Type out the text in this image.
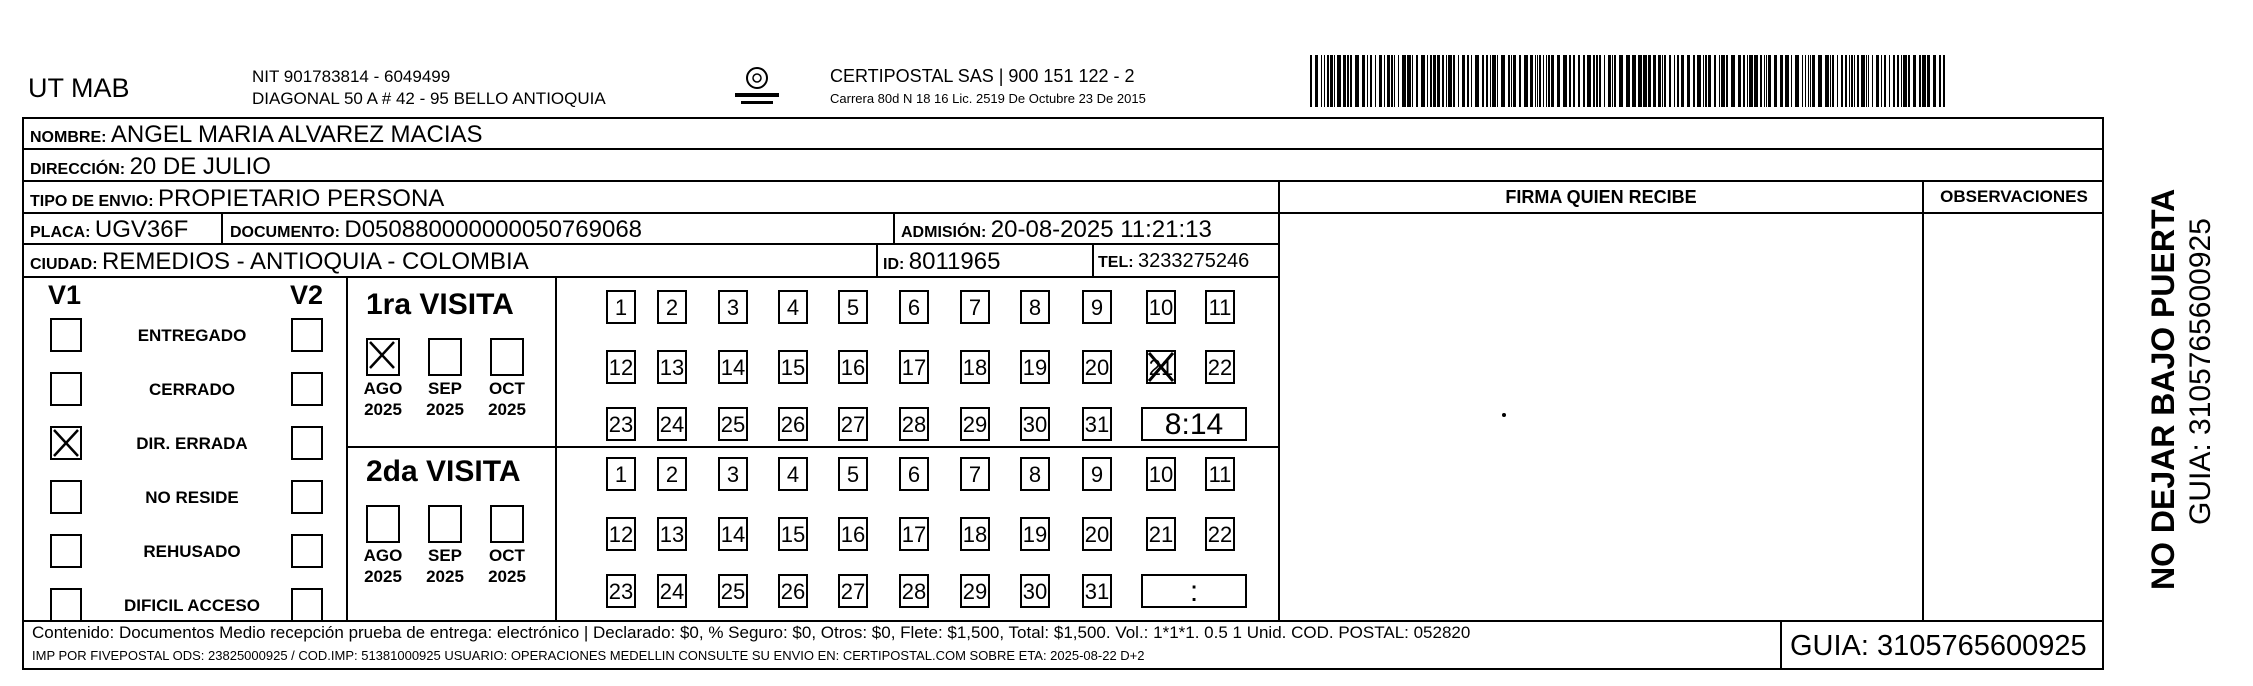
UT MAB	NIT 901783814 - 6049499
DIAGONAL 50 A # 42 - 95 BELLO ANTIOQUIA
CERTIPOSTAL SAS | 900 151 122 - 2
Carrera 80d N 18 16 Lic. 2519 De Octubre 23 De 2015
NOMBRE: ANGEL MARIA ALVAREZ MACIAS
DIRECCIÓN: 20 DE JULIO
TIPO DE ENVIO: PROPIETARIO PERSONA
PLACA: UGV36F	DOCUMENTO: D050880000000050769068	ADMISIÓN: 20-08-2025 11:21:13
CIUDAD: REMEDIOS - ANTIOQUIA - COLOMBIA	ID: 8011965	TEL: 3233275246
FIRMA QUIEN RECIBE	OBSERVACIONES
V1	V2
ENTREGADO
CERRADO
DIR. ERRADA
NO RESIDE
REHUSADO
DIFICIL ACCESO
1ra VISITA
2da VISITA
1	2	3	4	5	6	7	8	9	10 11
12 13 14 15 16 17 18 19 20 21 22
23 24 25 26 27 28 29 30 31	8:14
AGO
2025
SEP
2025
OCT
2025
1	2	3	4	5	6	7	8	9	10 11
12 13 14 15 16 17 18 19 20 21 22
23 24 25 26 27 28 29 30 31	:
AGO
2025
SEP
2025
OCT
2025
Contenido: Documentos Medio recepción prueba de entrega: electrónico | Declarado: $0, % Seguro: $0, Otros: $0, Flete: $1,500, Total: $1,500. Vol.: 1*1*1. 0.5 1 Unid. COD. POSTAL: 052820
IMP POR FIVEPOSTAL ODS: 23825000925 / COD.IMP: 51381000925 USUARIO: OPERACIONES MEDELLIN CONSULTE SU ENVIO EN: CERTIPOSTAL.COM SOBRE ETA: 2025-08-22 D+2	GUIA: 3105765600925
NO DEJAR BAJO PUERTA GUIA: 3105765600925
